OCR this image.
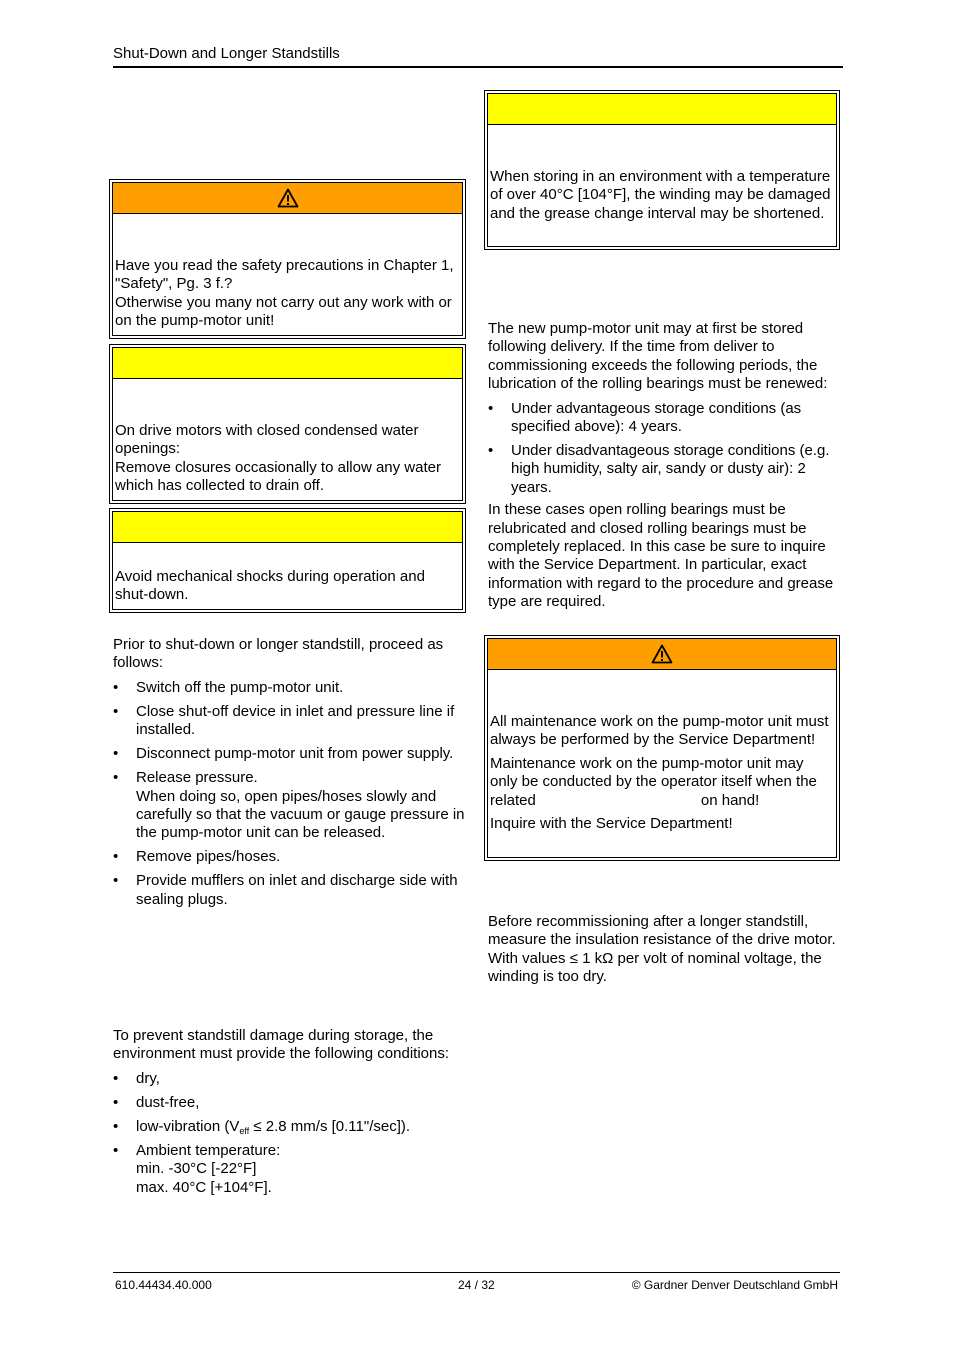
Shut-Down and Longer Standstills

Have you read the safety precautions in Chapter 1, "Safety", Pg. 3 f.?

Otherwise you many not carry out any work with or on the pump-motor unit!

On drive motors with closed condensed water openings:

Remove closures occasionally to allow any water which has collected to drain off.

Avoid mechanical shocks during operation and shut-down.

Prior to shut-down or longer standstill, proceed as follows:

• Switch off the pump-motor unit.
• Close shut-off device in inlet and pressure line if installed.
• Disconnect pump-motor unit from power supply.
• Release pressure.
When doing so, open pipes/hoses slowly and carefully so that the vacuum or gauge pressure in the pump-motor unit can be released.
• Remove pipes/hoses.
• Provide mufflers on inlet and discharge side with sealing plugs.

To prevent standstill damage during storage, the environment must provide the following conditions:

• dry,
• dust-free,
• low-vibration ($V_{eff} \le 2.8$ mm/s [0.11"/sec]).
• Ambient temperature:
min. -30°C [-22°F]
max. 40°C [+104°F].

When storing in an environment with a temperature of over 40°C [104°F], the winding may be damaged and the grease change interval may be shortened.

The new pump-motor unit may at first be stored following delivery. If the time from deliver to commissioning exceeds the following periods, the lubrication of the rolling bearings must be renewed:

• Under advantageous storage conditions (as specified above): 4 years.
• Under disadvantageous storage conditions (e.g. high humidity, salty air, sandy or dusty air): 2 years.

In these cases open rolling bearings must be relubricated and closed rolling bearings must be completely replaced. In this case be sure to inquire with the Service Department. In particular, exact information with regard to the procedure and grease type are required.

All maintenance work on the pump-motor unit must always be performed by the Service Department!

Maintenance work on the pump-motor unit may only be conducted by the operator itself when the related	on hand!

Inquire with the Service Department!

Before recommissioning after a longer standstill, measure the insulation resistance of the drive motor. With values ≤ 1 kΩ per volt of nominal voltage, the winding is too dry.

610.44434.40.000	24 / 32	© Gardner Denver Deutschland GmbH
